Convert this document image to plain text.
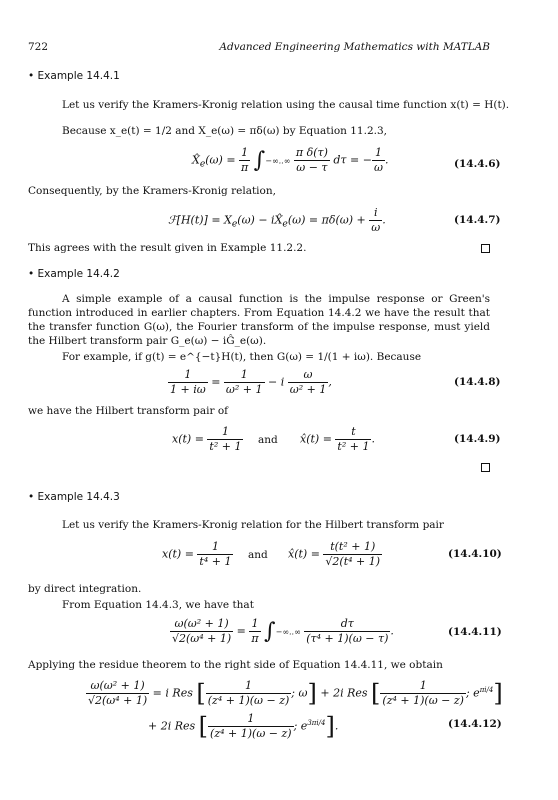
722	Advanced Engineering Mathematics with MATLAB
• Example 14.4.1
Let us verify the Kramers-Kronig relation using the causal time function x(t) = H(t).
Because x_e(t) = 1/2 and X_e(ω) = πδ(ω) by Equation 11.2.3,
$X̂_e(\omega) = \frac{1}{\pi}$ ∫−∞..∞ $\frac{\text{π δ(τ)}}{\omega - \tau}$ dτ = − $\frac{1}{\omega}$ .	(14.4.6)
Consequently, by the Kramers-Kronig relation,
ℱ[H(t)] = $X_e(\omega)$ − $iX̂_e(\omega) = \pi\delta(\omega) + \frac{i}{\omega}$ .	(14.4.7)
This agrees with the result given in Example 11.2.2.
• Example 14.4.2
A simple example of a causal function is the impulse response or Green's function introduced in earlier chapters. From Equation 14.4.2 we have the result that the transfer function G(ω), the Fourier transform of the impulse response, must yield the Hilbert transform pair G_e(ω) − iĜ_e(ω).
For example, if g(t) = e^{−t}H(t), then G(ω) = 1/(1 + iω). Because
$\frac{1}{1 + i\omega} = \frac{1}{\text{ω² + 1}} - i \frac{\omega}{\text{ω² + 1}}$ ,	(14.4.8)
we have the Hilbert transform pair of
$x(t) = \frac{1}{\text{t² + 1}}$ and x̂(t) = $\frac{t}{\text{t² + 1}}$ .	(14.4.9)
• Example 14.4.3
Let us verify the Kramers-Kronig relation for the Hilbert transform pair
$x(t) = \frac{1}{\text{t⁴ + 1}}$ and x̂(t) = $\frac{\text{t(t² + 1)}}{\text{√2(t⁴ + 1)}}$	(14.4.10)
by direct integration.
From Equation 14.4.3, we have that
$\frac{\text{ω(ω² + 1)}}{\text{√2(ω⁴ + 1)}} = \frac{1}{\pi}$ ∫−∞..∞ $\frac{d\tau}{\text{(τ⁴ + 1)(ω − τ)}}$ .	(14.4.11)
Applying the residue theorem to the right side of Equation 14.4.11, we obtain
$\frac{\text{ω(ω² + 1)}}{\text{√2(ω⁴ + 1)}} = i$ Res [ $\frac{1}{\text{(z⁴ + 1)(ω − z)}}$ ; ω] + 2i Res [ $\frac{1}{\text{(z⁴ + 1)(ω − z)}}$ ; $e^{\pi i/4}$]
+ 2i Res [ $\frac{1}{\text{(z⁴ + 1)(ω − z)}}$ ; $e^{3\pi i/4}$].	(14.4.12)
